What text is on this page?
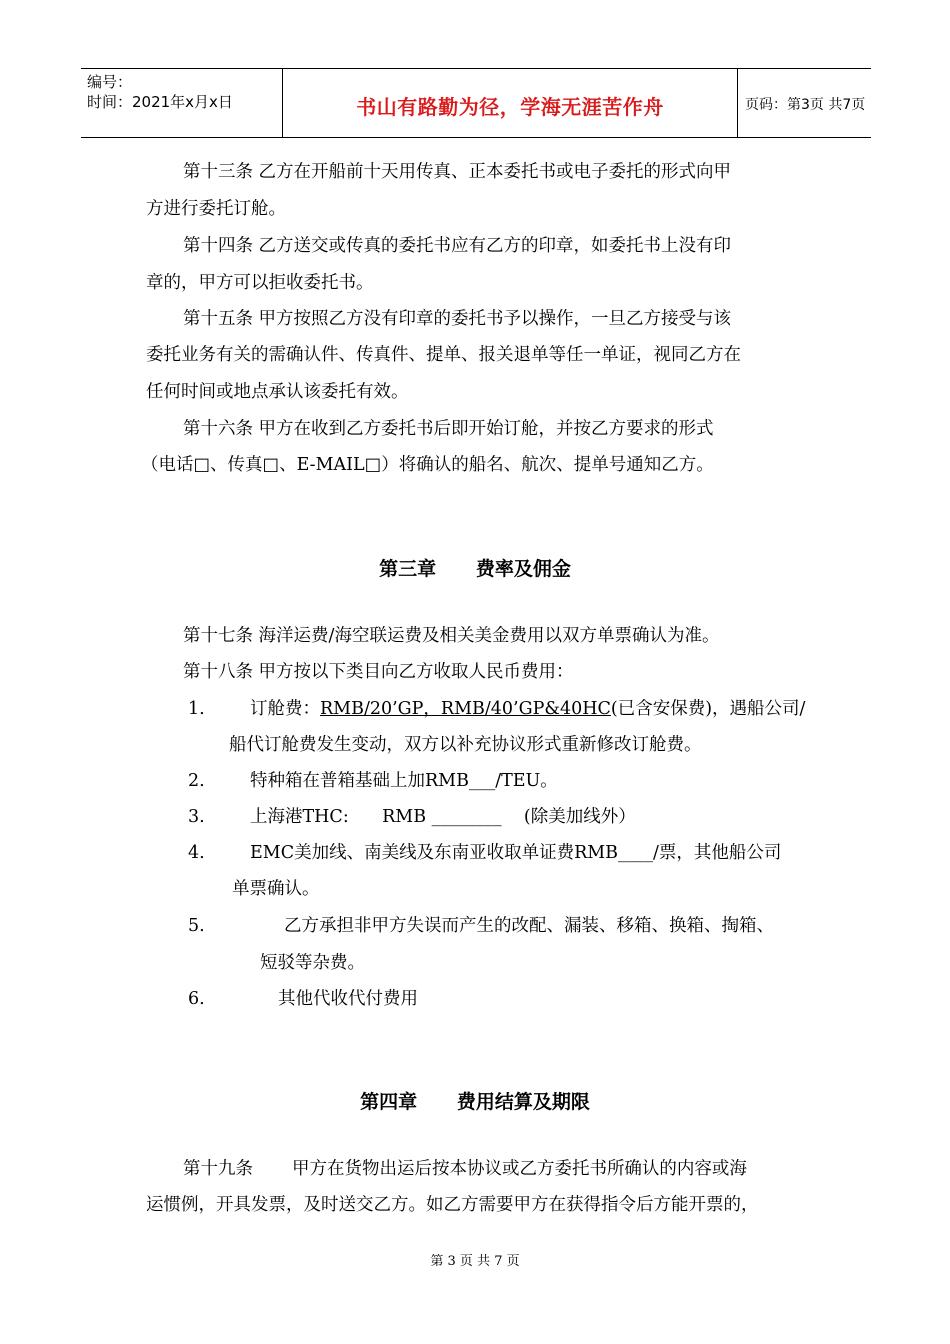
编号：
时间：2021年x月x日	书山有路勤为径，学海无涯苦作舟	页码：第3页 共7页
第十三条 乙方在开船前十天用传真、正本委托书或电子委托的形式向甲
方进行委托订舱。
第十四条 乙方送交或传真的委托书应有乙方的印章，如委托书上没有印
章的，甲方可以拒收委托书。
第十五条 甲方按照乙方没有印章的委托书予以操作，一旦乙方接受与该
委托业务有关的需确认件、传真件、提单、报关退单等任一单证，视同乙方在
任何时间或地点承认该委托有效。
第十六条 甲方在收到乙方委托书后即开始订舱，并按乙方要求的形式
（电话□、传真□、E-MAIL□）将确认的船名、航次、提单号通知乙方。
第三章      费率及佣金
第十七条 海洋运费/海空联运费及相关美金费用以双方单票确认为准。
第十八条 甲方按以下类目向乙方收取人民币费用：
1.	订舱费：RMB/20’GP，RMB/40’GP&40HC(已含安保费)，遇船公司/
船代订舱费发生变动，双方以补充协议形式重新修改订舱费。
2.	特种箱在普箱基础上加RMB___/TEU。
3.	上海港THC:      RMB ________    (除美加线外）
4.	EMC美加线、南美线及东南亚收取单证费RMB____/票，其他船公司
单票确认。
5.	乙方承担非甲方失误而产生的改配、漏装、移箱、换箱、掏箱、
短驳等杂费。
6.	其他代收代付费用
第四章      费用结算及期限
第十九条       甲方在货物出运后按本协议或乙方委托书所确认的内容或海
运惯例，开具发票，及时送交乙方。如乙方需要甲方在获得指令后方能开票的，
第 3 页 共 7 页
